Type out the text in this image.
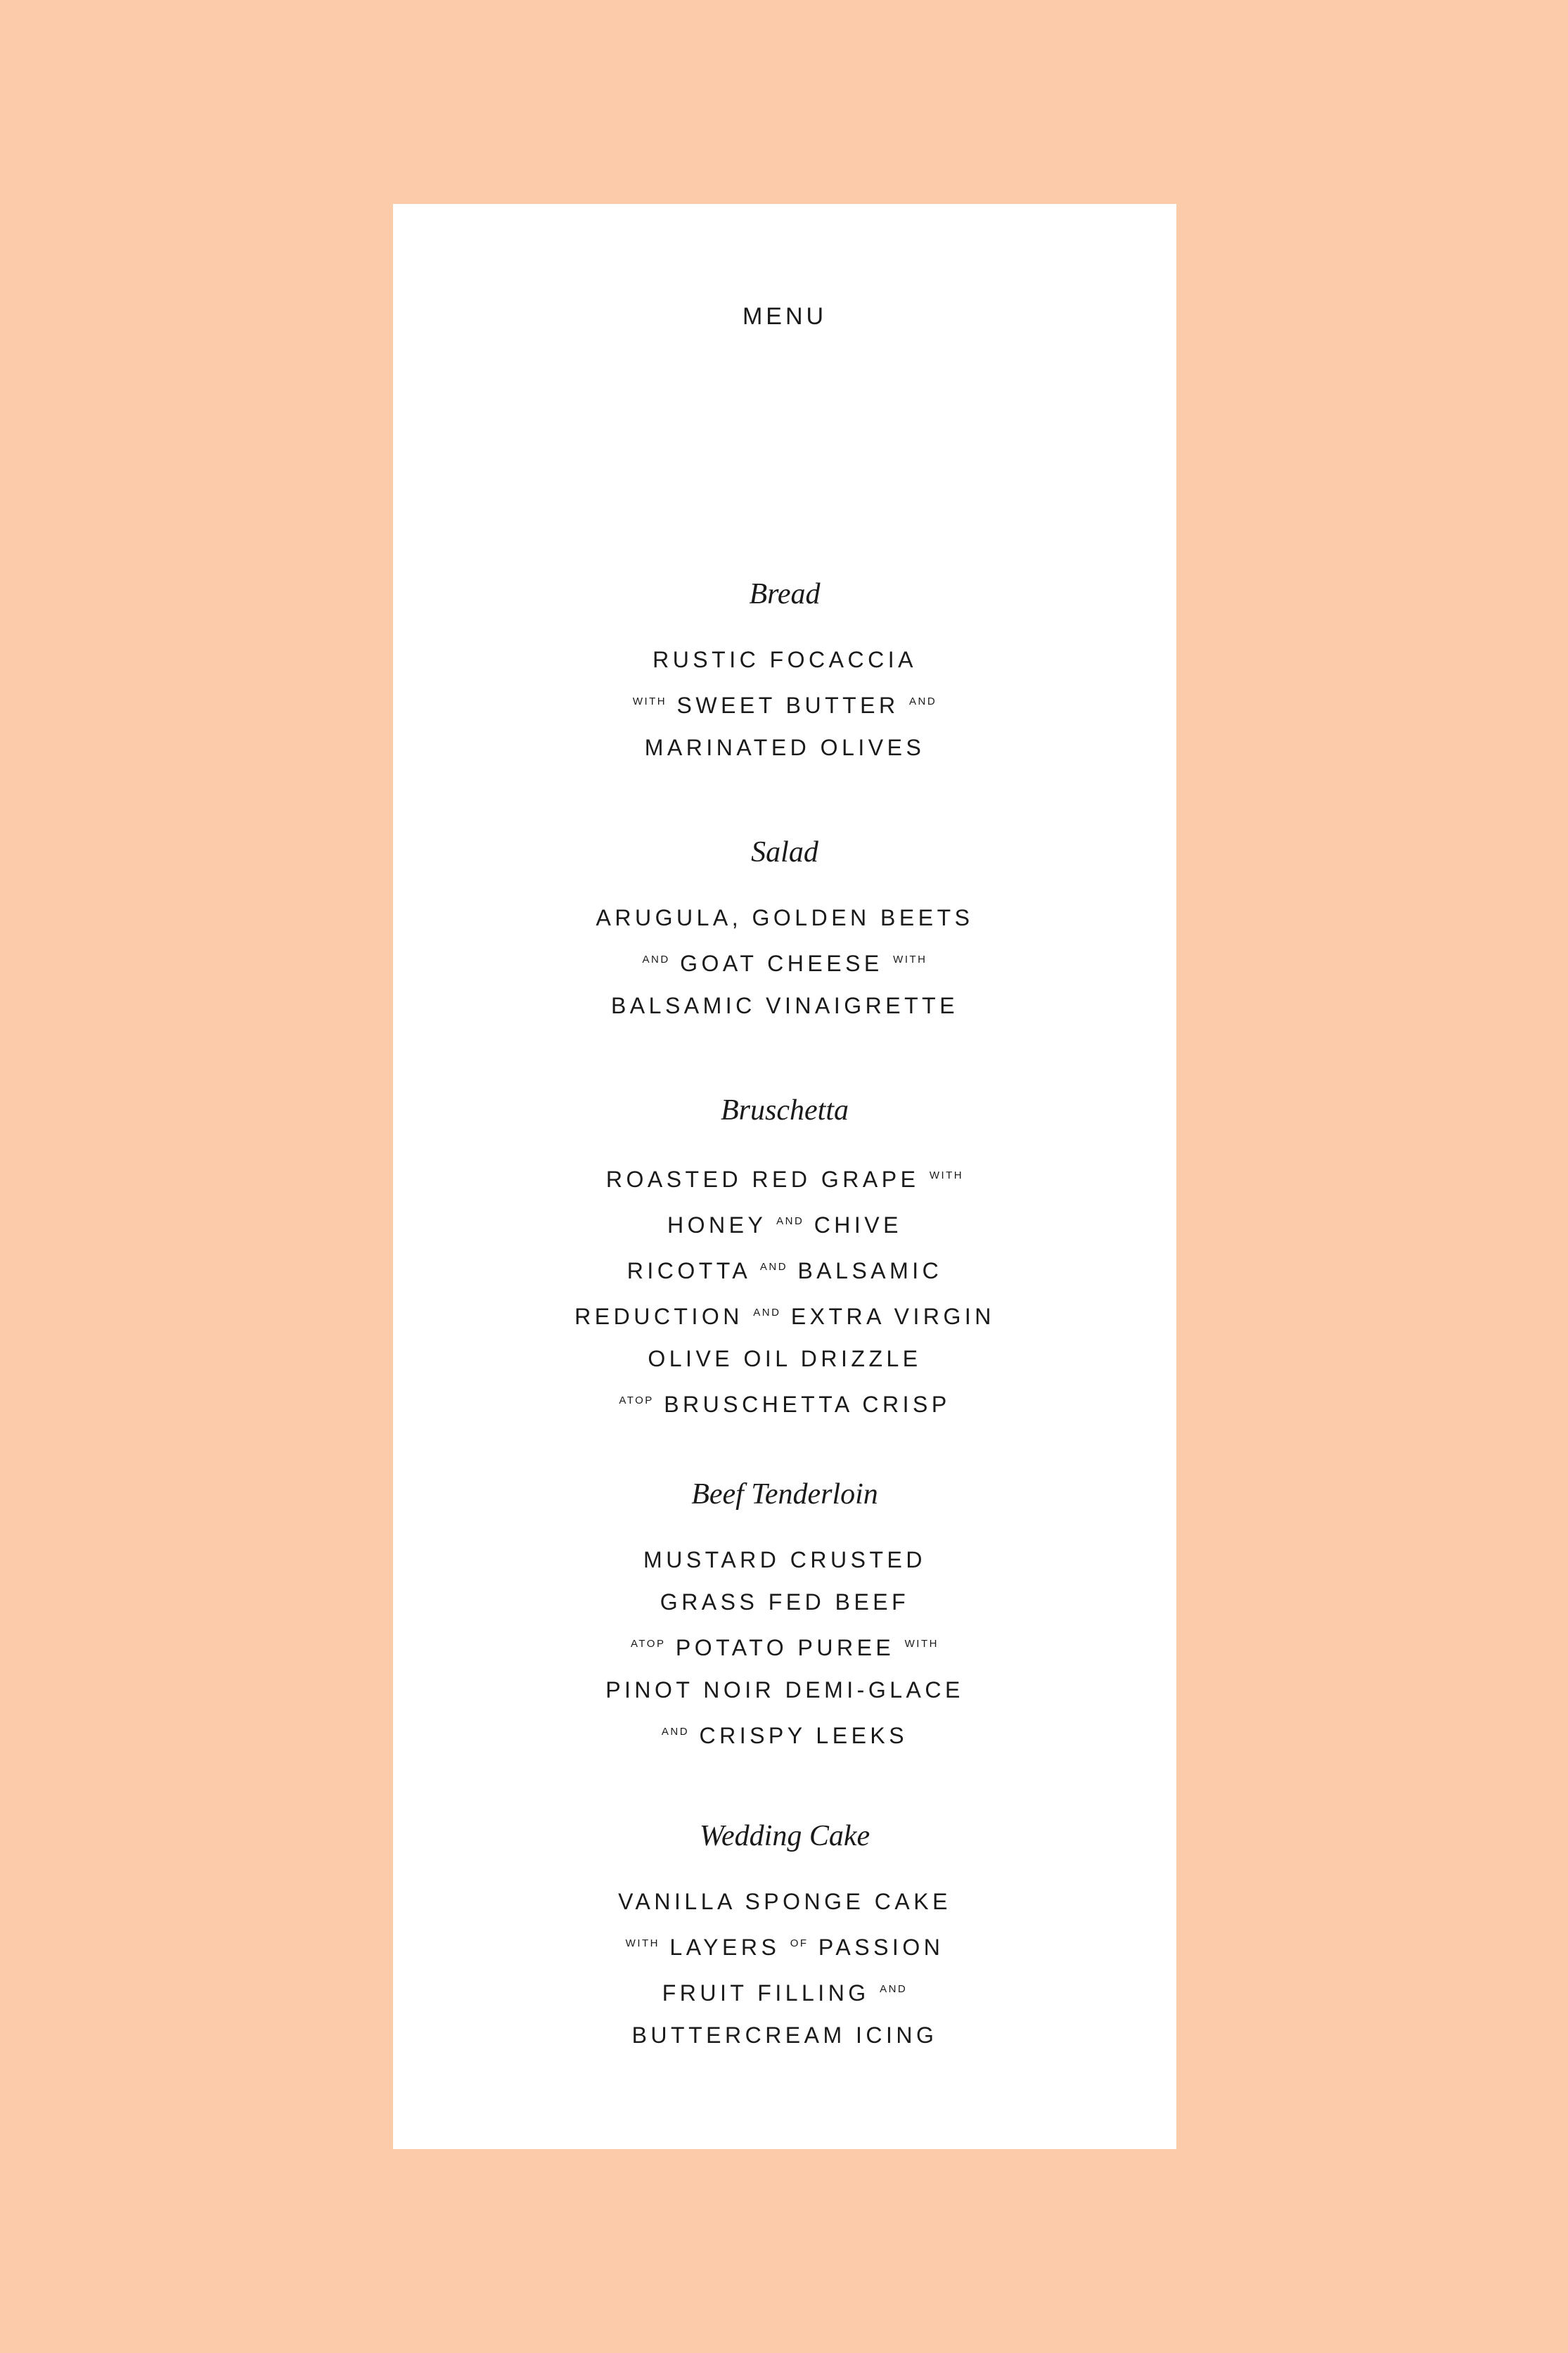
MENU
Bread
RUSTIC FOCACCIA
$^{WITH}$ SWEET BUTTER $^{AND}$
MARINATED OLIVES
Salad
ARUGULA, GOLDEN BEETS
$^{AND}$ GOAT CHEESE $^{WITH}$
BALSAMIC VINAIGRETTE
Bruschetta
ROASTED RED GRAPE $^{WITH}$
HONEY $^{AND}$ CHIVE
RICOTTA $^{AND}$ BALSAMIC
REDUCTION $^{AND}$ EXTRA VIRGIN
OLIVE OIL DRIZZLE
$^{ATOP}$ BRUSCHETTA CRISP
Beef Tenderloin
MUSTARD CRUSTED
GRASS FED BEEF
$^{ATOP}$ POTATO PUREE $^{WITH}$
PINOT NOIR DEMI-GLACE
$^{AND}$ CRISPY LEEKS
Wedding Cake
VANILLA SPONGE CAKE
$^{WITH}$ LAYERS $^{OF}$ PASSION
FRUIT FILLING $^{AND}$
BUTTERCREAM ICING
